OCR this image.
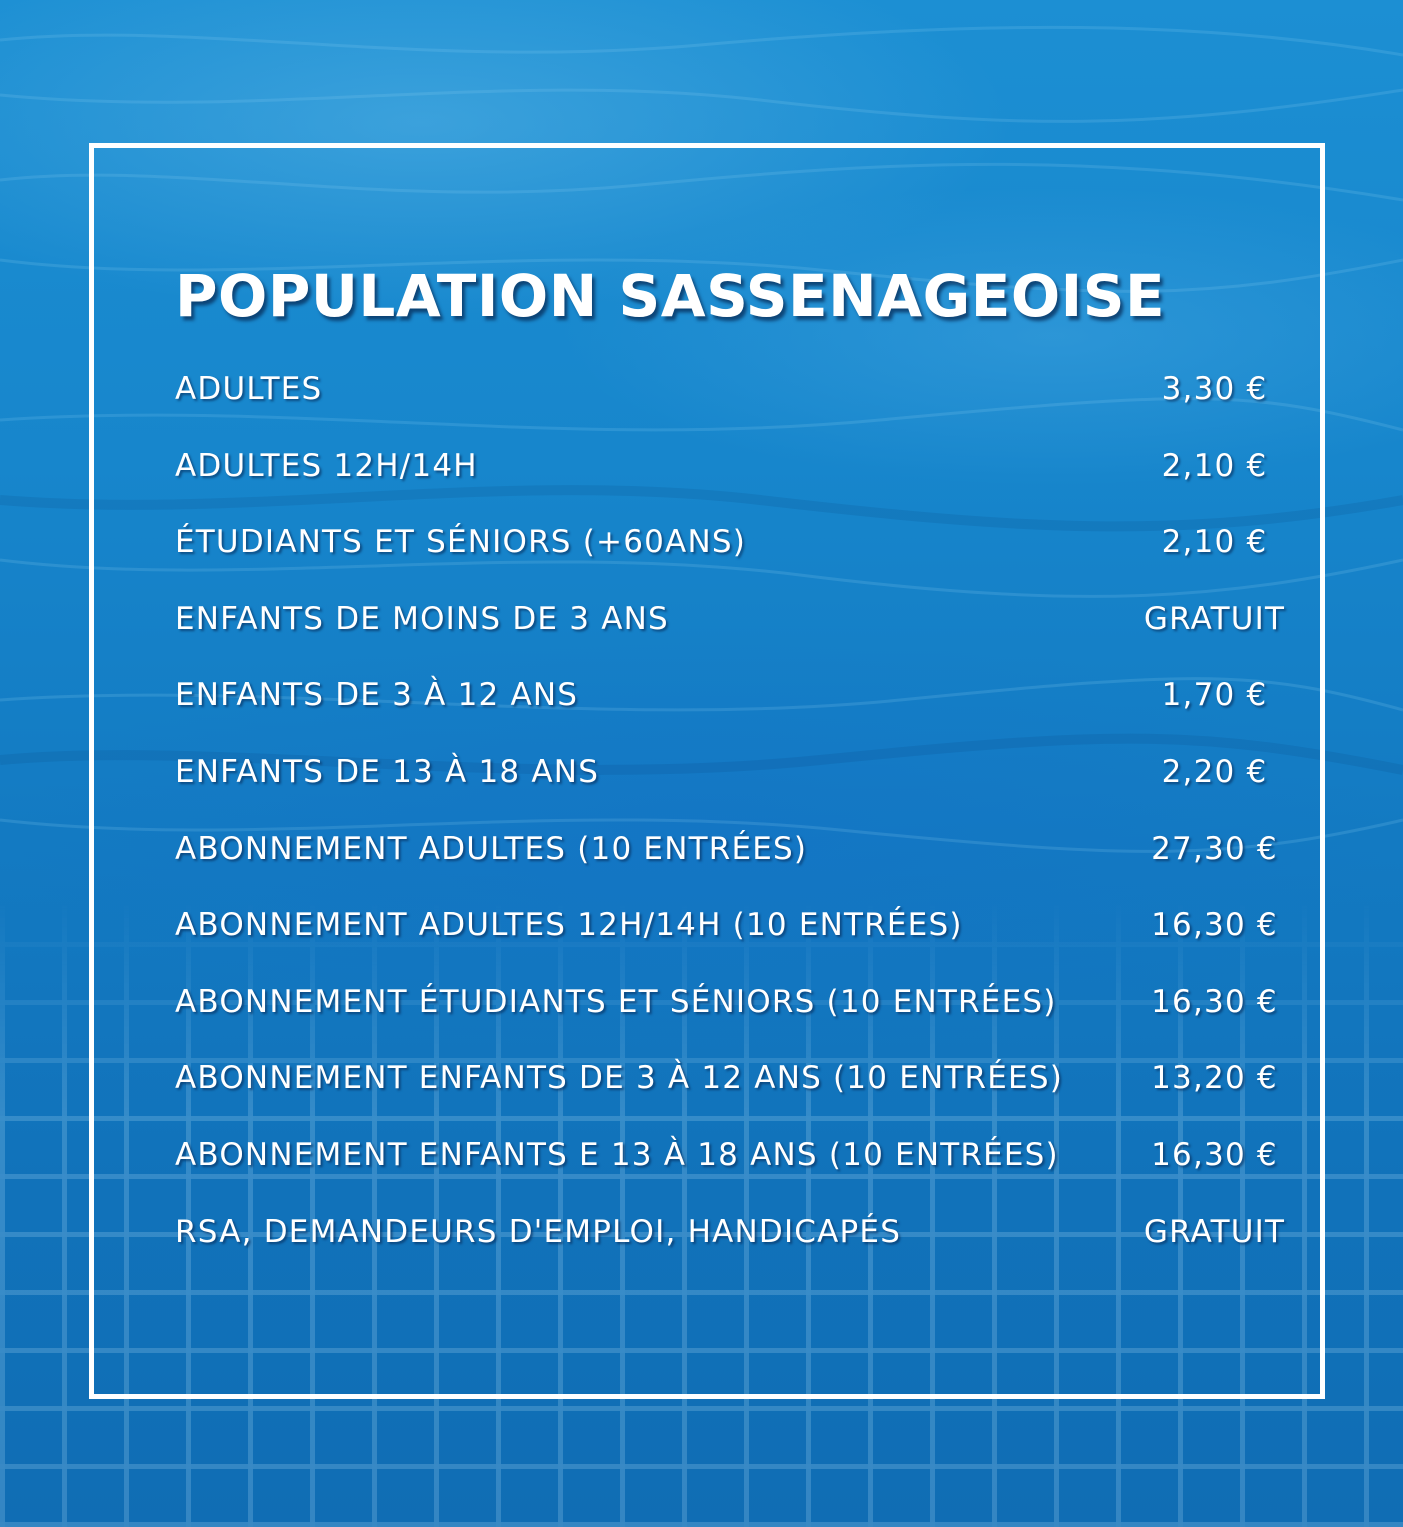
POPULATION SASSENAGEOISE
ADULTES	3,30 €
ADULTES 12H/14H	2,10 €
ÉTUDIANTS ET SÉNIORS (+60ANS)	2,10 €
ENFANTS DE MOINS DE 3 ANS	GRATUIT
ENFANTS DE 3 À 12 ANS	1,70 €
ENFANTS DE 13 À 18 ANS	2,20 €
ABONNEMENT ADULTES (10 ENTRÉES)	27,30 €
ABONNEMENT ADULTES 12H/14H (10 ENTRÉES)	16,30 €
ABONNEMENT ÉTUDIANTS ET SÉNIORS (10 ENTRÉES)	16,30 €
ABONNEMENT ENFANTS DE 3 À 12 ANS (10 ENTRÉES)	13,20 €
ABONNEMENT ENFANTS E 13 À 18 ANS (10 ENTRÉES)	16,30 €
RSA, DEMANDEURS D'EMPLOI, HANDICAPÉS	GRATUIT
